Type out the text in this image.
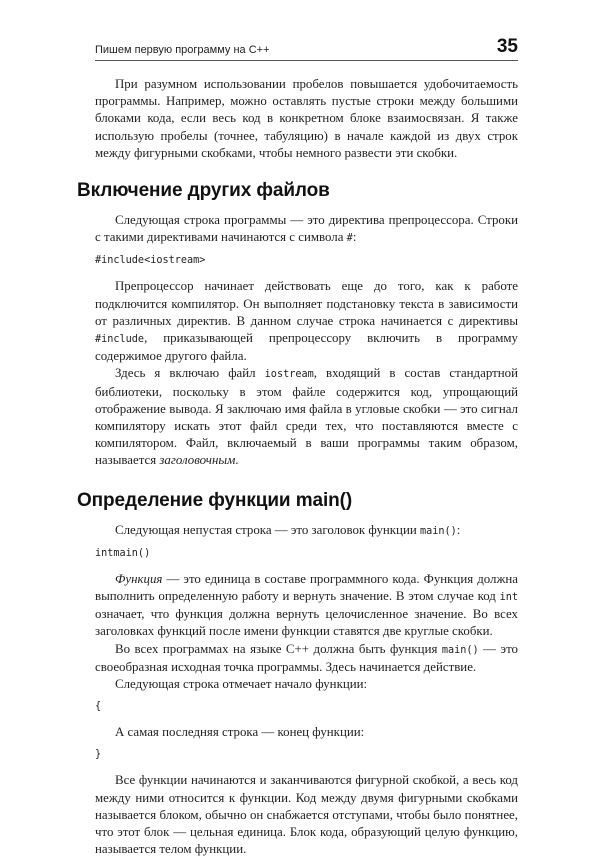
Пишем первую программу на C++	35

При разумном использовании пробелов повышается удобочитаемость программы. Например, можно оставлять пустые строки между большими блоками кода, если весь код в конкретном блоке взаимосвязан. Я также использую пробелы (точнее, табуляцию) в начале каждой из двух строк между фигурными скобками, чтобы немного развести эти скобки.

Включение других файлов

Следующая строка программы — это директива препроцессора. Строки с такими директивами начинаются с символа #:

#include<iostream>

Препроцессор начинает действовать еще до того, как к работе подключится компилятор. Он выполняет подстановку текста в зависимости от различных директив. В данном случае строка начинается с директивы #include, приказывающей препроцессору включить в программу содержимое другого файла.

Здесь я включаю файл iostream, входящий в состав стандартной библиотеки, поскольку в этом файле содержится код, упрощающий отображение вывода. Я заключаю имя файла в угловые скобки — это сигнал компилятору искать этот файл среди тех, что поставляются вместе с компилятором. Файл, включаемый в ваши программы таким образом, называется заголовочным.

Определение функции main()

Следующая непустая строка — это заголовок функции main():

intmain()

Функция — это единица в составе программного кода. Функция должна выполнить определенную работу и вернуть значение. В этом случае код int означает, что функция должна вернуть целочисленное значение. Во всех заголовках функций после имени функции ставятся две круглые скобки.

Во всех программах на языке C++ должна быть функция main() — это своеобразная исходная точка программы. Здесь начинается действие.

Следующая строка отмечает начало функции:

{

А самая последняя строка — конец функции:

}

Все функции начинаются и заканчиваются фигурной скобкой, а весь код между ними относится к функции. Код между двумя фигурными скобками называется блоком, обычно он снабжается отступами, чтобы было понятнее, что этот блок — цельная единица. Блок кода, образующий целую функцию, называется телом функции.
